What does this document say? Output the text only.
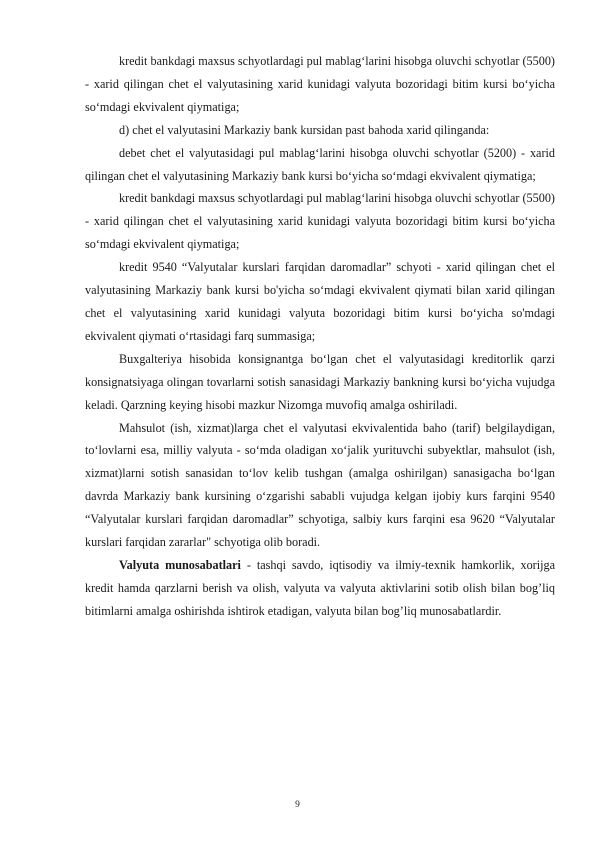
kredit bankdagi maxsus schyotlardagi pul mablagʻlarini hisobga oluvchi schyotlar (5500) - xarid qilingan chet el valyutasining xarid kunidagi valyuta bozoridagi bitim kursi boʻyicha soʻmdagi ekvivalent qiymatiga;

d) chet el valyutasini Markaziy bank kursidan past bahoda xarid qilinganda:

debet chet el valyutasidagi pul mablagʻlarini hisobga oluvchi schyotlar (5200) - xarid qilingan chet el valyutasining Markaziy bank kursi boʻyicha soʻmdagi ekvivalent qiymatiga;

kredit bankdagi maxsus schyotlardagi pul mablagʻlarini hisobga oluvchi schyotlar (5500) - xarid qilingan chet el valyutasining xarid kunidagi valyuta bozoridagi bitim kursi boʻyicha soʻmdagi ekvivalent qiymatiga;

kredit 9540 “Valyutalar kurslari farqidan daromadlar” schyoti - xarid qilingan chet el valyutasining Markaziy bank kursi bo'yicha soʻmdagi ekvivalent qiymati bilan xarid qilingan chet el valyutasining xarid kunidagi valyuta bozoridagi bitim kursi boʻyicha so'mdagi ekvivalent qiymati oʻrtasidagi farq summasiga;

Buxgalteriya hisobida konsignantga boʻlgan chet el valyutasidagi kreditorlik qarzi konsignatsiyaga olingan tovarlarni sotish sanasidagi Markaziy bankning kursi boʻyicha vujudga keladi. Qarzning keying hisobi mazkur Nizomga muvofiq amalga oshiriladi.

Mahsulot (ish, xizmat)larga chet el valyutasi ekvivalentida baho (tarif) belgilaydigan, toʻlovlarni esa, milliy valyuta - soʻmda oladigan xoʻjalik yurituvchi subyektlar, mahsulot (ish, xizmat)larni sotish sanasidan toʻlov kelib tushgan (amalga oshirilgan) sanasigacha boʻlgan davrda Markaziy bank kursining oʻzgarishi sababli vujudga kelgan ijobiy kurs farqini 9540 “Valyutalar kurslari farqidan daromadlar” schyotiga, salbiy kurs farqini esa 9620 “Valyutalar kurslari farqidan zararlar" schyotiga olib boradi.

Valyuta munosabatlari - tashqi savdo, iqtisodiy va ilmiy-texnik hamkorlik, xorijga kredit hamda qarzlarni berish va olish, valyuta va valyuta aktivlarini sotib olish bilan bog’liq bitimlarni amalga oshirishda ishtirok etadigan, valyuta bilan bog’liq munosabatlardir.

9
